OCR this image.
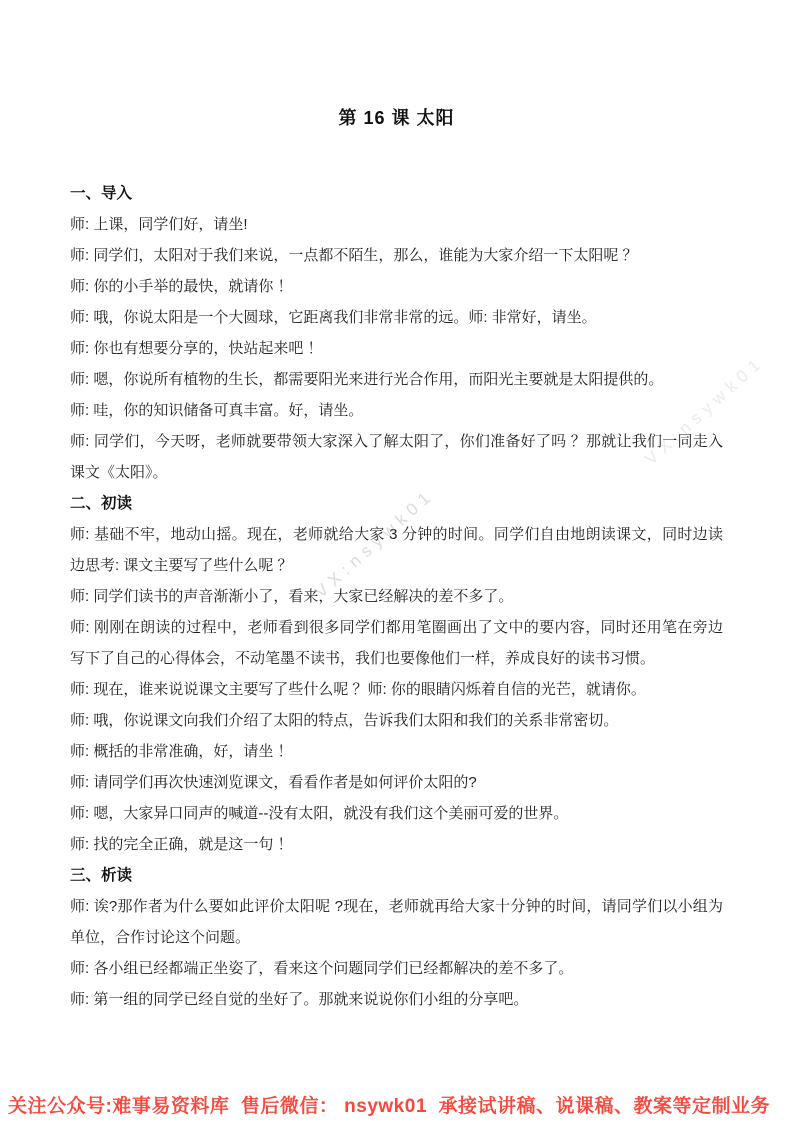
VX:nsywk01
VX:nsywk01
第 16 课 太阳
一、导入

师: 上课，同学们好，请坐!

师: 同学们，太阳对于我们来说，一点都不陌生，那么，谁能为大家介绍一下太阳呢 ？

师: 你的小手举的最快，就请你 ！

师: 哦，你说太阳是一个大圆球，它距离我们非常非常的远。师: 非常好，请坐。

师: 你也有想要分享的，快站起来吧 ！

师: 嗯，你说所有植物的生长，都需要阳光来进行光合作用，而阳光主要就是太阳提供的。

师: 哇，你的知识储备可真丰富。好，请坐。

师: 同学们，今天呀，老师就要带领大家深入了解太阳了，你们准备好了吗 ？那就让我们一同走入课文《太阳》。

二、初读

师: 基础不牢，地动山摇。现在，老师就给大家 3 分钟的时间。同学们自由地朗读课文，同时边读边思考: 课文主要写了些什么呢 ？

师: 同学们读书的声音渐渐小了，看来，大家已经解决的差不多了。

师: 刚刚在朗读的过程中，老师看到很多同学们都用笔圈画出了文中的要内容，同时还用笔在旁边写下了自己的心得体会，不动笔墨不读书，我们也要像他们一样，养成良好的读书习惯。

师: 现在，谁来说说课文主要写了些什么呢 ？师: 你的眼睛闪烁着自信的光芒，就请你。

师: 哦，你说课文向我们介绍了太阳的特点，告诉我们太阳和我们的关系非常密切。

师: 概括的非常准确，好，请坐 ！

师: 请同学们再次快速浏览课文，看看作者是如何评价太阳的?

师: 嗯，大家异口同声的喊道--没有太阳，就没有我们这个美丽可爱的世界。

师: 找的完全正确，就是这一句 ！

三、析读

师: 诶?那作者为什么要如此评价太阳呢 ?现在，老师就再给大家十分钟的时间，请同学们以小组为单位，合作讨论这个问题。

师: 各小组已经都端正坐姿了，看来这个问题同学们已经都解决的差不多了。

师: 第一组的同学已经自觉的坐好了。那就来说说你们小组的分享吧。

关注公众号:难事易资料库  售后微信： nsywk01  承接试讲稿、说课稿、教案等定制业务
